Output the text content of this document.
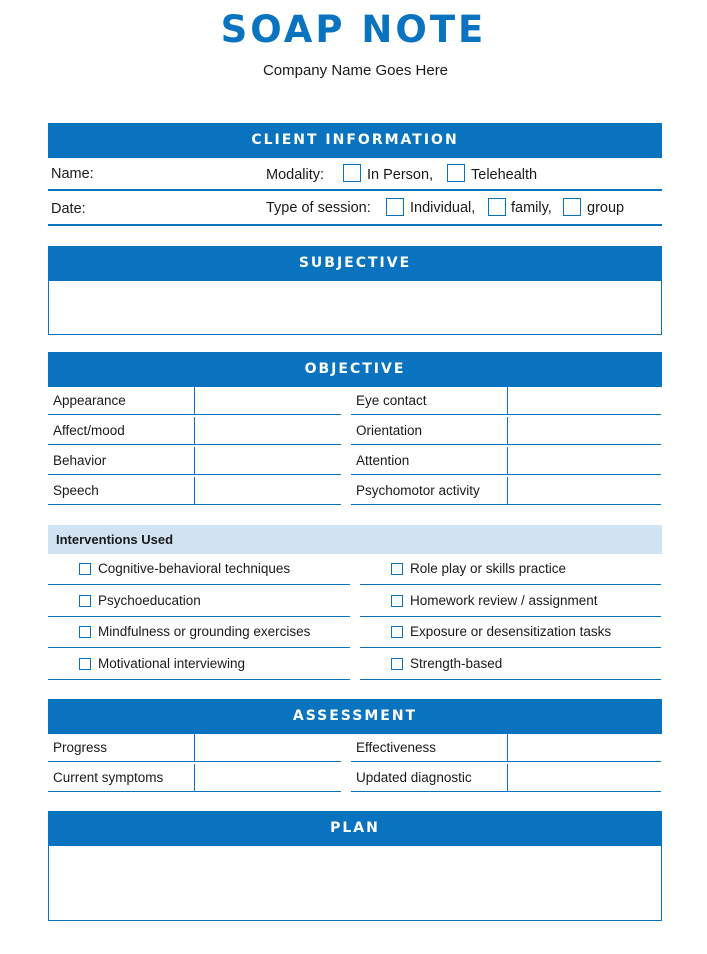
SOAP NOTE
Company Name Goes Here
CLIENT INFORMATION
Name:	Modality:	In Person,	Telehealth
Date:	Type of session:	Individual, family, group
SUBJECTIVE
OBJECTIVE
Appearance	Eye contact
Affect/mood	Orientation
Behavior	Attention
Speech	Psychomotor activity
Interventions Used
Cognitive-behavioral techniques	Role play or skills practice
Psychoeducation	Homework review / assignment
Mindfulness or grounding exercises	Exposure or desensitization tasks
Motivational interviewing	Strength-based
ASSESSMENT
Progress	Effectiveness
Current symptoms	Updated diagnostic
PLAN
